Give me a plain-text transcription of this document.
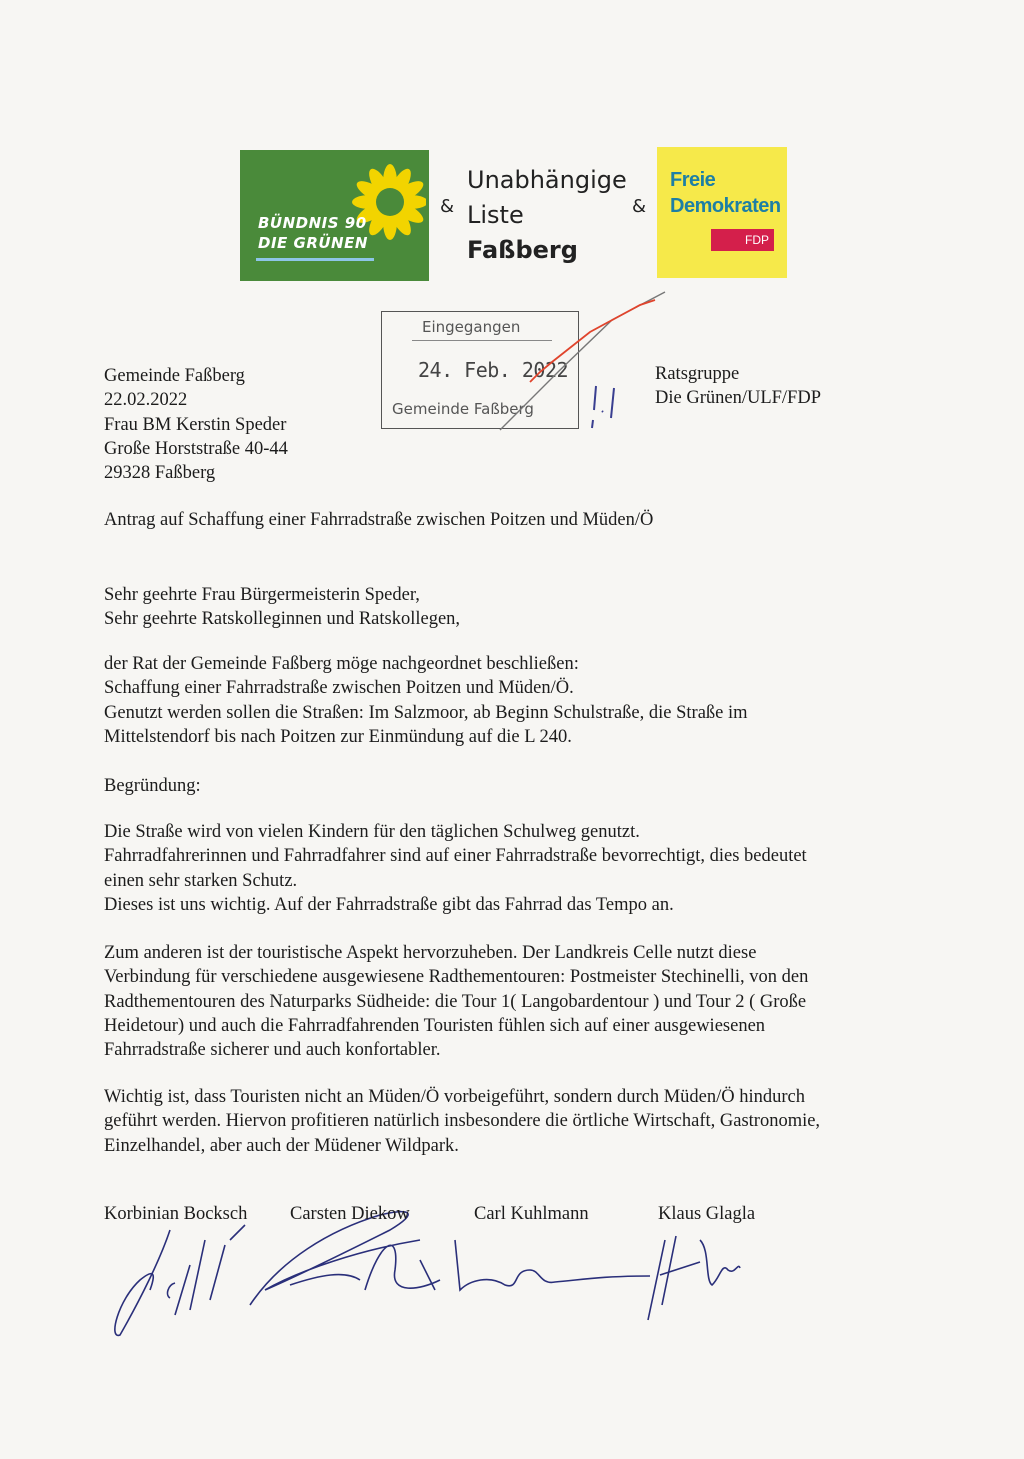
BÜNDNIS 90
DIE GRÜNEN
&
Unabhängige
Liste
Faßberg
&
Freie
Demokraten
FDP
Eingegangen
24. Feb. 2022
Gemeinde Faßberg
Gemeinde Faßberg
22.02.2022
Frau BM Kerstin Speder
Große Horststraße 40-44
29328 Faßberg
Ratsgruppe
Die Grünen/ULF/FDP
Antrag auf Schaffung einer Fahrradstraße zwischen Poitzen und Müden/Ö
Sehr geehrte Frau Bürgermeisterin Speder,
Sehr geehrte Ratskolleginnen und Ratskollegen,
der Rat der Gemeinde Faßberg möge nachgeordnet beschließen:
Schaffung einer Fahrradstraße zwischen Poitzen und Müden/Ö.
Genutzt werden sollen die Straßen: Im Salzmoor, ab Beginn Schulstraße, die Straße im
Mittelstendorf bis nach Poitzen zur Einmündung auf die L 240.
Begründung:
Die Straße wird von vielen Kindern für den täglichen Schulweg genutzt.
Fahrradfahrerinnen und Fahrradfahrer sind auf einer Fahrradstraße bevorrechtigt, dies bedeutet
einen sehr starken Schutz.
Dieses ist uns wichtig. Auf der Fahrradstraße gibt das Fahrrad das Tempo an.
Zum anderen ist der touristische Aspekt hervorzuheben. Der Landkreis Celle nutzt diese
Verbindung für verschiedene ausgewiesene Radthementouren: Postmeister Stechinelli, von den
Radthementouren des Naturparks Südheide: die Tour 1( Langobardentour ) und Tour 2 ( Große
Heidetour) und auch die Fahrradfahrenden Touristen fühlen sich auf einer ausgewiesenen
Fahrradstraße sicherer und auch konfortabler.
Wichtig ist, dass Touristen nicht an Müden/Ö vorbeigeführt, sondern durch Müden/Ö hindurch
geführt werden. Hiervon profitieren natürlich insbesondere die örtliche Wirtschaft, Gastronomie,
Einzelhandel, aber auch der Müdener Wildpark.
Korbinian Bocksch Carsten Diekow	Carl Kuhlmann	Klaus Glagla
